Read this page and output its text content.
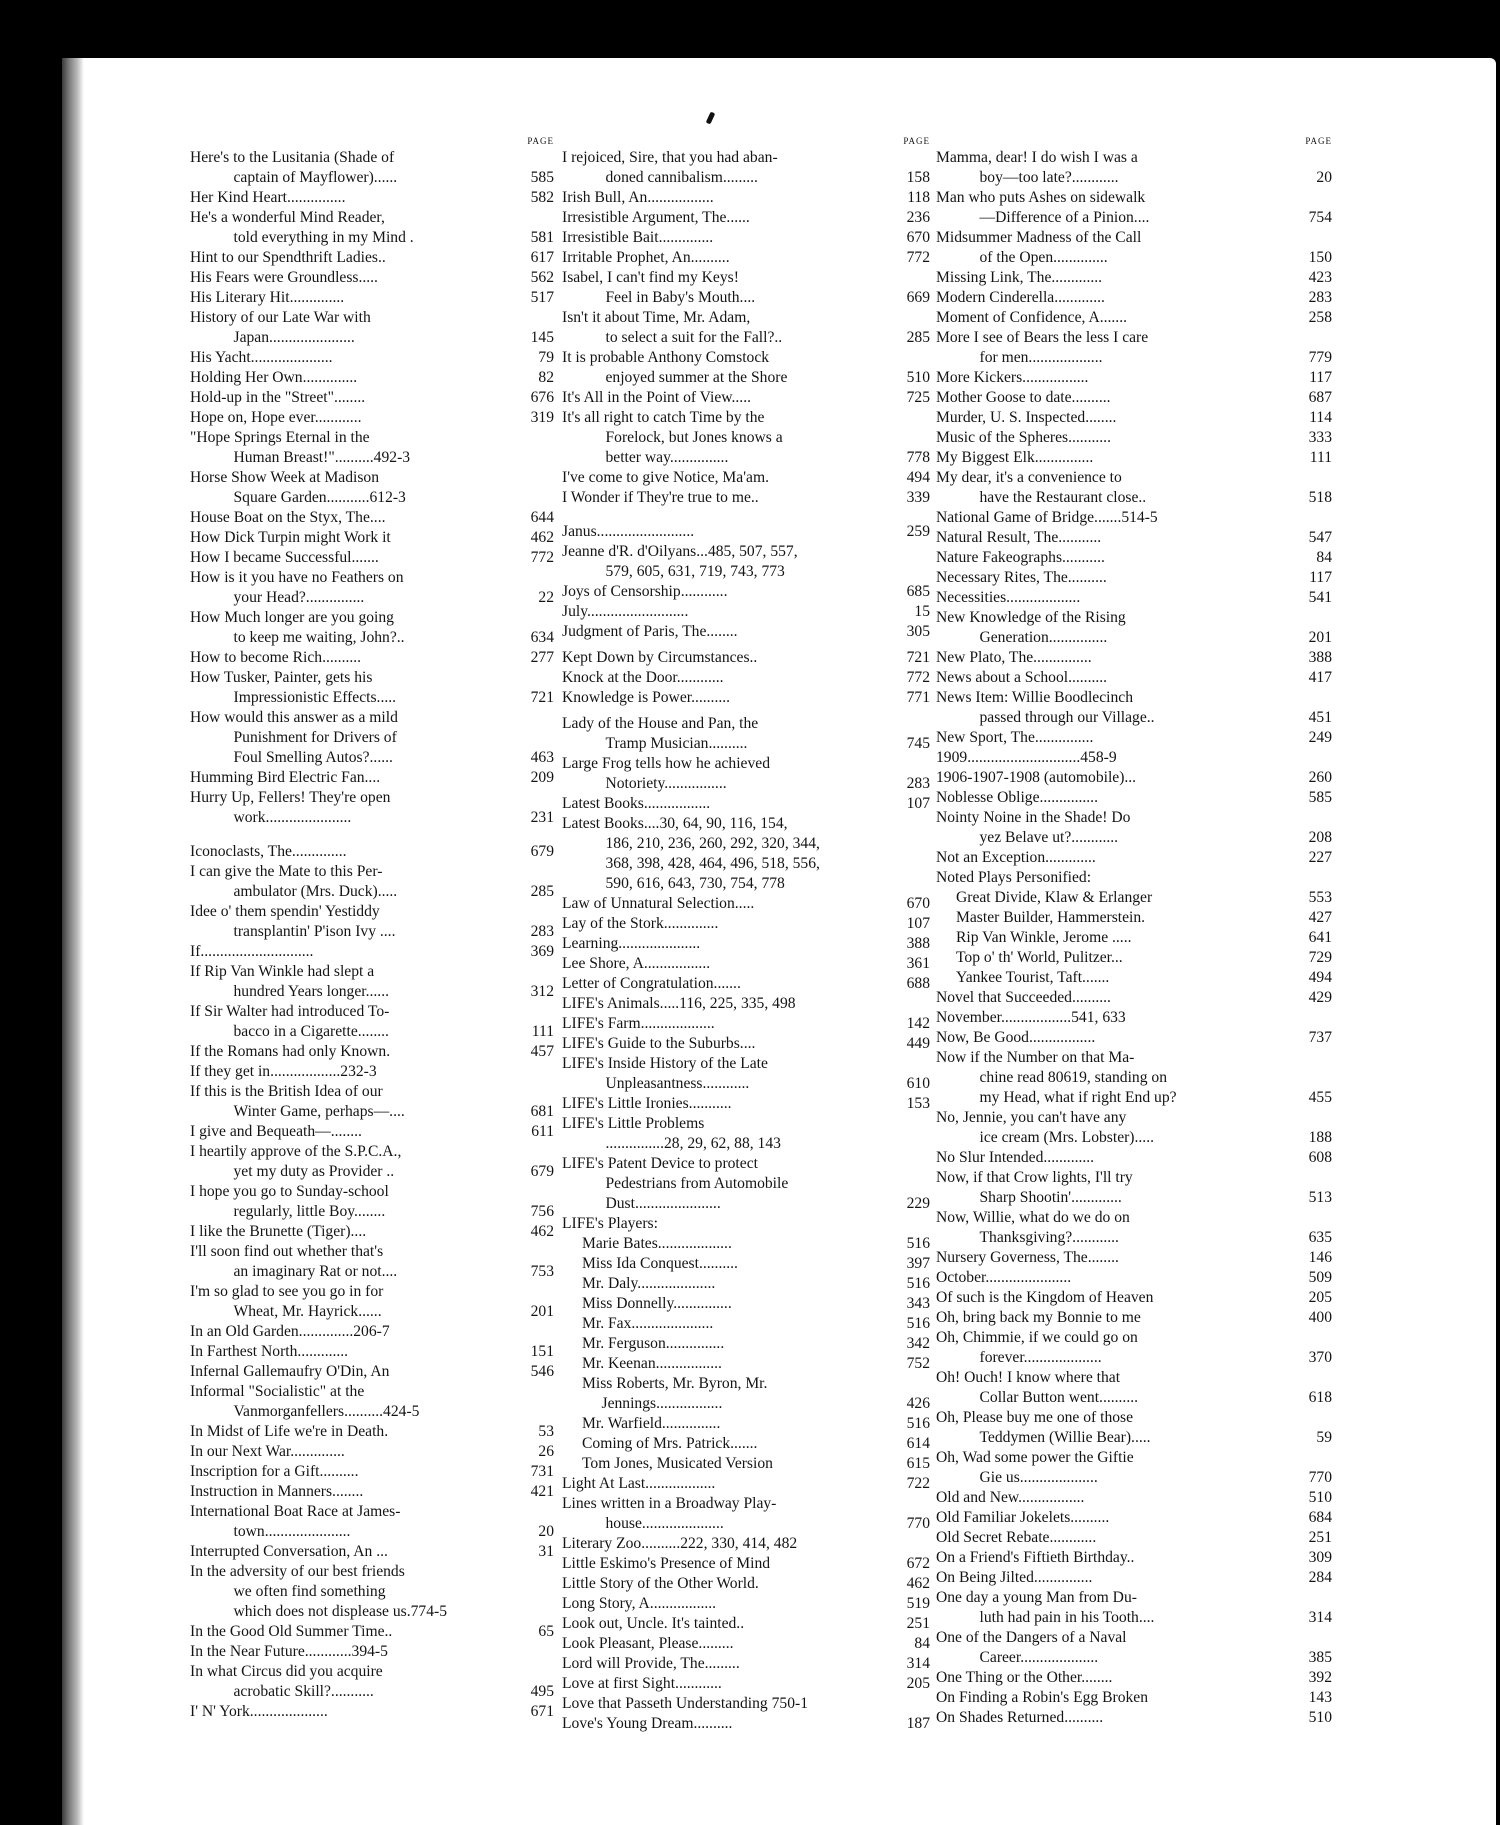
PAGE
Here's to the Lusitania (Shade of
captain of Mayflower)......	585
Her Kind Heart...............	582
He's a wonderful Mind Reader,
told everything in my Mind .	581
Hint to our Spendthrift Ladies..	617
His Fears were Groundless.....	562
His Literary Hit..............	517
History of our Late War with
Japan......................	145
His Yacht.....................	79
Holding Her Own..............	82
Hold-up in the "Street"........	676
Hope on, Hope ever............	319
"Hope Springs Eternal in the
Human Breast!"..........492-3
Horse Show Week at Madison
Square Garden...........612-3
House Boat on the Styx, The....	644
How Dick Turpin might Work it	462
How I became Successful.......	772
How is it you have no Feathers on
your Head?...............	22
How Much longer are you going
to keep me waiting, John?..	634
How to become Rich..........	277
How Tusker, Painter, gets his
Impressionistic Effects.....	721
How would this answer as a mild
Punishment for Drivers of
Foul Smelling Autos?......	463
Humming Bird Electric Fan....	209
Hurry Up, Fellers! They're open
work......................	231
Iconoclasts, The..............	679
I can give the Mate to this Per-
ambulator (Mrs. Duck).....	285
Idee o' them spendin' Yestiddy
transplantin' P'ison Ivy ....	283
If.............................	369
If Rip Van Winkle had slept a
hundred Years longer......	312
If Sir Walter had introduced To-
bacco in a Cigarette........	111
If the Romans had only Known.	457
If they get in..................232-3
If this is the British Idea of our
Winter Game, perhaps—....	681
I give and Bequeath—........	611
I heartily approve of the S.P.C.A.,
yet my duty as Provider ..	679
I hope you go to Sunday-school
regularly, little Boy........	756
I like the Brunette (Tiger)....	462
I'll soon find out whether that's
an imaginary Rat or not....	753
I'm so glad to see you go in for
Wheat, Mr. Hayrick......	201
In an Old Garden..............206-7
In Farthest North.............	151
Infernal Gallemaufry O'Din, An	546
Informal "Socialistic" at the
Vanmorganfellers..........424-5
In Midst of Life we're in Death.	53
In our Next War..............	26
Inscription for a Gift..........	731
Instruction in Manners........	421
International Boat Race at James-
town......................	20
Interrupted Conversation, An ...	31
In the adversity of our best friends
we often find something
which does not displease us.774-5
In the Good Old Summer Time..	65
In the Near Future............394-5
In what Circus did you acquire
acrobatic Skill?...........	495
I' N' York....................	671
PAGE
I rejoiced, Sire, that you had aban-
doned cannibalism.........	158
Irish Bull, An.................	118
Irresistible Argument, The......	236
Irresistible Bait..............	670
Irritable Prophet, An..........	772
Isabel, I can't find my Keys!
Feel in Baby's Mouth....	669
Isn't it about Time, Mr. Adam,
to select a suit for the Fall?..	285
It is probable Anthony Comstock
enjoyed summer at the Shore	510
It's All in the Point of View.....	725
It's all right to catch Time by the
Forelock, but Jones knows a
better way...............	778
I've come to give Notice, Ma'am.	494
I Wonder if They're true to me..	339
Janus.........................	259
Jeanne d'R. d'Oilyans...485, 507, 557,
579, 605, 631, 719, 743, 773
Joys of Censorship............	685
July..........................	15
Judgment of Paris, The........	305
Kept Down by Circumstances..	721
Knock at the Door............	772
Knowledge is Power..........	771
Lady of the House and Pan, the
Tramp Musician..........	745
Large Frog tells how he achieved
Notoriety................	283
Latest Books.................	107
Latest Books....30, 64, 90, 116, 154,
186, 210, 236, 260, 292, 320, 344,
368, 398, 428, 464, 496, 518, 556,
590, 616, 643, 730, 754, 778
Law of Unnatural Selection.....	670
Lay of the Stork..............	107
Learning.....................	388
Lee Shore, A.................	361
Letter of Congratulation.......	688
LIFE's Animals.....116, 225, 335, 498
LIFE's Farm...................	142
LIFE's Guide to the Suburbs....	449
LIFE's Inside History of the Late
Unpleasantness............	610
LIFE's Little Ironies...........	153
LIFE's Little Problems
...............28, 29, 62, 88, 143
LIFE's Patent Device to protect
Pedestrians from Automobile
Dust......................	229
LIFE's Players:
Marie Bates...................	516
Miss Ida Conquest..........	397
Mr. Daly....................	516
Miss Donnelly...............	343
Mr. Fax.....................	516
Mr. Ferguson...............	342
Mr. Keenan.................	752
Miss Roberts, Mr. Byron, Mr.
Jennings.................	426
Mr. Warfield...............	516
Coming of Mrs. Patrick.......	614
Tom Jones, Musicated Version	615
Light At Last..................	722
Lines written in a Broadway Play-
house.....................	770
Literary Zoo..........222, 330, 414, 482
Little Eskimo's Presence of Mind	672
Little Story of the Other World.	462
Long Story, A.................	519
Look out, Uncle. It's tainted..	251
Look Pleasant, Please.........	84
Lord will Provide, The.........	314
Love at first Sight............	205
Love that Passeth Understanding 750-1
Love's Young Dream..........	187
PAGE
Mamma, dear! I do wish I was a
boy—too late?............	20
Man who puts Ashes on sidewalk
—Difference of a Pinion....	754
Midsummer Madness of the Call
of the Open..............	150
Missing Link, The.............	423
Modern Cinderella.............	283
Moment of Confidence, A.......	258
More I see of Bears the less I care
for men...................	779
More Kickers.................	117
Mother Goose to date..........	687
Murder, U. S. Inspected........	114
Music of the Spheres...........	333
My Biggest Elk...............	111
My dear, it's a convenience to
have the Restaurant close..	518
National Game of Bridge.......514-5
Natural Result, The...........	547
Nature Fakeographs...........	84
Necessary Rites, The..........	117
Necessities...................	541
New Knowledge of the Rising
Generation...............	201
New Plato, The...............	388
News about a School..........	417
News Item: Willie Boodlecinch
passed through our Village..	451
New Sport, The...............	249
1909.............................458-9
1906-1907-1908 (automobile)...	260
Noblesse Oblige...............	585
Nointy Noine in the Shade! Do
yez Belave ut?............	208
Not an Exception.............	227
Noted Plays Personified:
Great Divide, Klaw & Erlanger	553
Master Builder, Hammerstein.	427
Rip Van Winkle, Jerome .....	641
Top o' th' World, Pulitzer...	729
Yankee Tourist, Taft.......	494
Novel that Succeeded..........	429
November..................541, 633
Now, Be Good.................	737
Now if the Number on that Ma-
chine read 80619, standing on
my Head, what if right End up?	455
No, Jennie, you can't have any
ice cream (Mrs. Lobster).....	188
No Slur Intended.............	608
Now, if that Crow lights, I'll try
Sharp Shootin'.............	513
Now, Willie, what do we do on
Thanksgiving?............	635
Nursery Governess, The........	146
October......................	509
Of such is the Kingdom of Heaven	205
Oh, bring back my Bonnie to me	400
Oh, Chimmie, if we could go on
forever....................	370
Oh! Ouch! I know where that
Collar Button went..........	618
Oh, Please buy me one of those
Teddymen (Willie Bear).....	59
Oh, Wad some power the Giftie
Gie us....................	770
Old and New.................	510
Old Familiar Jokelets..........	684
Old Secret Rebate............	251
On a Friend's Fiftieth Birthday..	309
On Being Jilted...............	284
One day a young Man from Du-
luth had pain in his Tooth....	314
One of the Dangers of a Naval
Career....................	385
One Thing or the Other........	392
On Finding a Robin's Egg Broken	143
On Shades Returned..........	510
comicbooks.com
